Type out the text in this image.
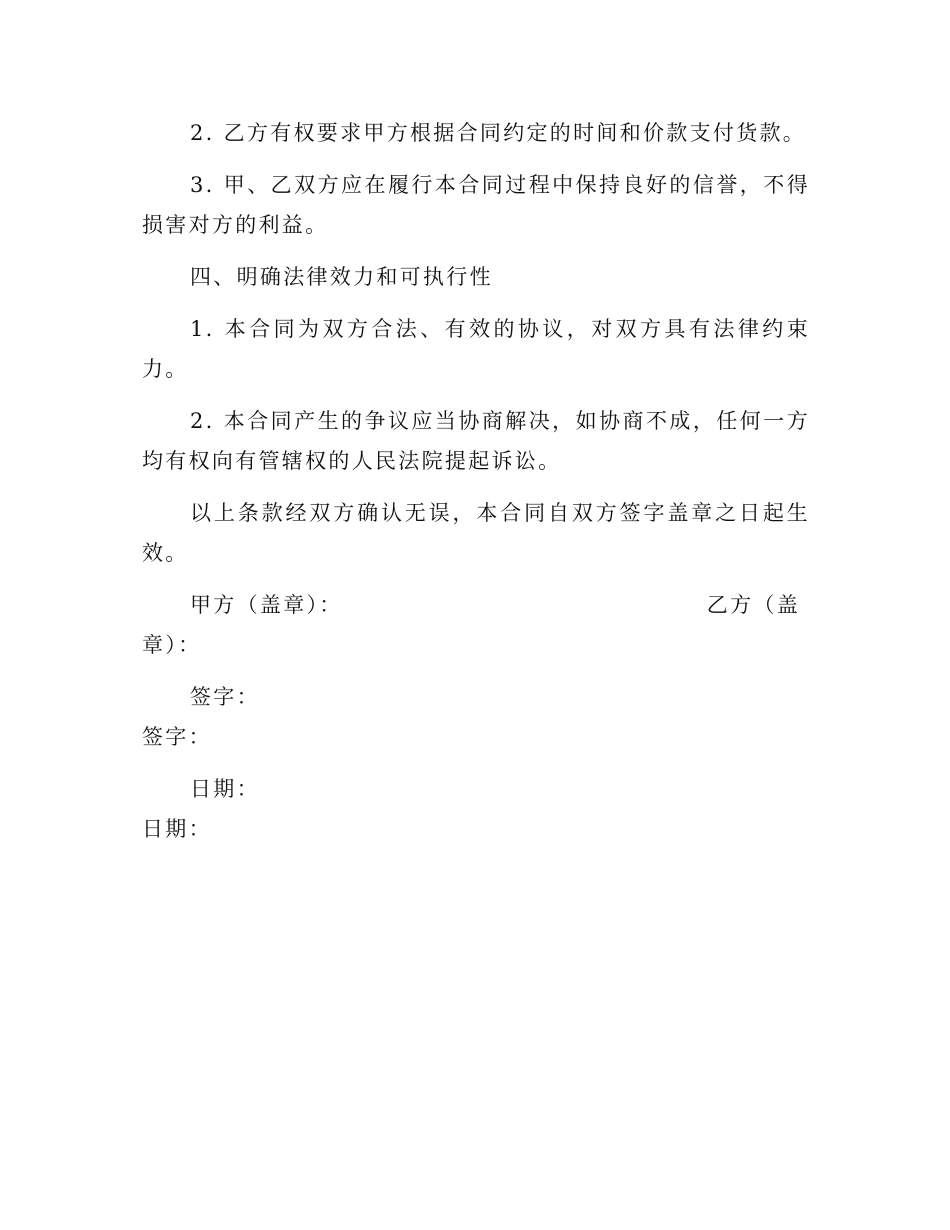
2. 乙方有权要求甲方根据合同约定的时间和价款支付货款。

3. 甲、乙双方应在履行本合同过程中保持良好的信誉，不得损害对方的利益。

四、明确法律效力和可执行性

1. 本合同为双方合法、有效的协议，对双方具有法律约束力。

2. 本合同产生的争议应当协商解决，如协商不成，任何一方均有权向有管辖权的人民法院提起诉讼。

以上条款经双方确认无误，本合同自双方签字盖章之日起生效。

甲方（盖章）：	乙方（盖
章）：
签字：
签字：
日期：
日期：
